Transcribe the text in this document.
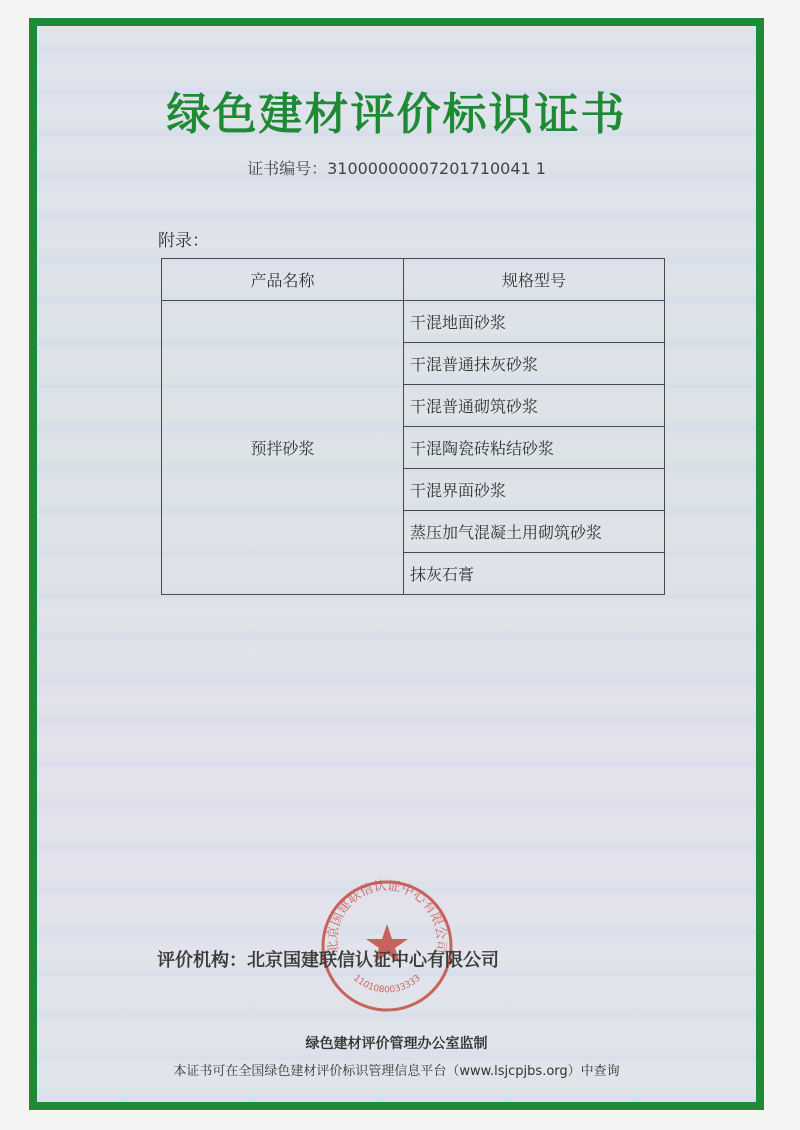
绿色建材评价标识证书
证书编号：31000000007201710041 1
附录：
产品名称	规格型号
预拌砂浆	干混地面砂浆
	干混普通抹灰砂浆
	干混普通砌筑砂浆
	干混陶瓷砖粘结砂浆
	干混界面砂浆
	蒸压加气混凝土用砌筑砂浆
	抹灰石膏
北京国建联信认证中心有限公司
1101080033333
评价机构：北京国建联信认证中心有限公司
绿色建材评价管理办公室监制
本证书可在全国绿色建材评价标识管理信息平台（www.lsjcpjbs.org）中查询
